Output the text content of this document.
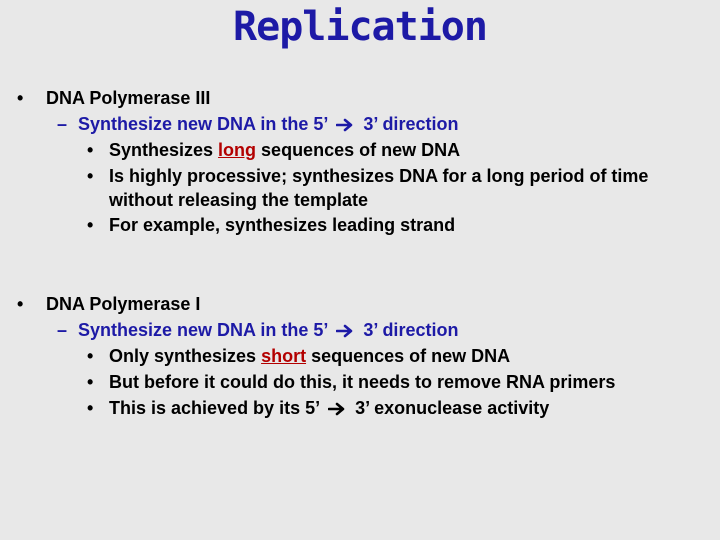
Replication
• DNA Polymerase III
– Synthesize new DNA in the 5’ 3’ direction
• Synthesizes long sequences of new DNA
• Is highly processive; synthesizes DNA for a long period of time without releasing the template
• For example, synthesizes leading strand
• DNA Polymerase I
– Synthesize new DNA in the 5’ 3’ direction
• Only synthesizes short sequences of new DNA
• But before it could do this, it needs to remove RNA primers
• This is achieved by its 5’ 3’ exonuclease activity
